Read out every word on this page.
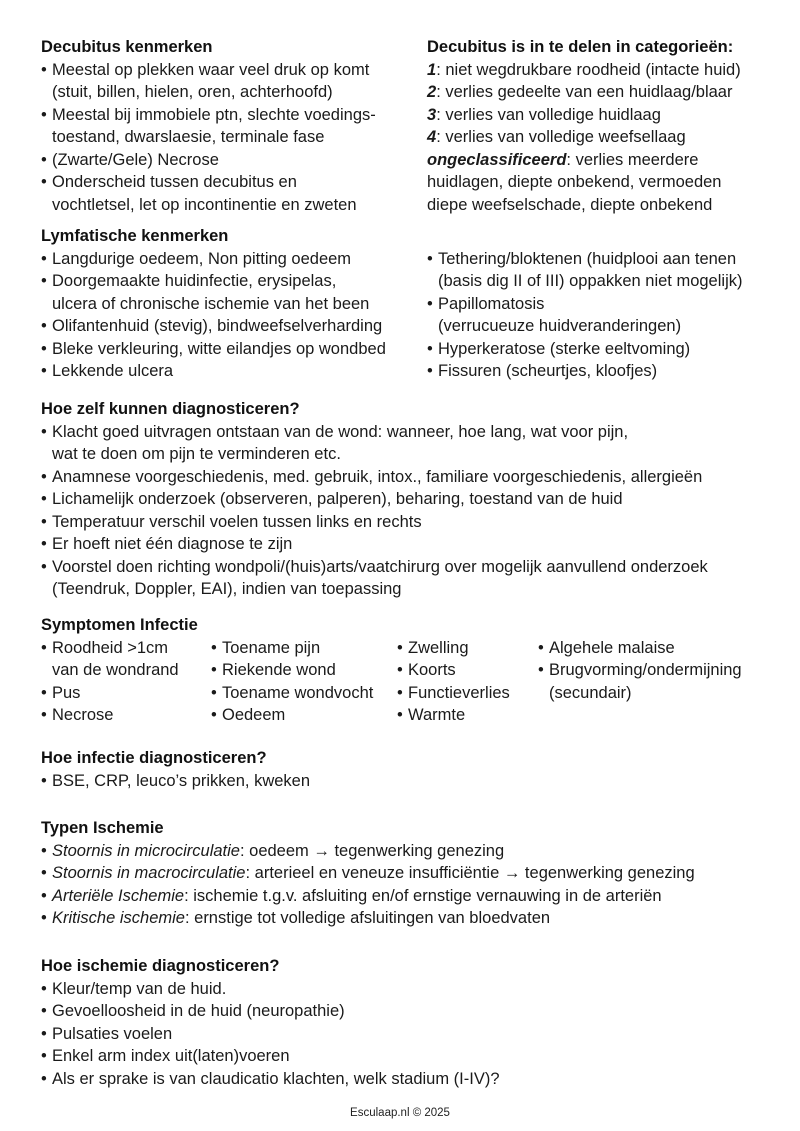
Decubitus kenmerken
• Meestal op plekken waar veel druk op komt
(stuit, billen, hielen, oren, achterhoofd)
• Meestal bij immobiele ptn, slechte voedings-
toestand, dwarslaesie, terminale fase
• (Zwarte/Gele) Necrose
• Onderscheid tussen decubitus en
vochtletsel, let op incontinentie en zweten
Decubitus is in te delen in categorieën:

1: niet wegdrukbare roodheid (intacte huid)

2: verlies gedeelte van een huidlaag/blaar

3: verlies van volledige huidlaag

4: verlies van volledige weefsellaag

ongeclassificeerd: verlies meerdere

huidlagen, diepte onbekend, vermoeden

diepe weefselschade, diepte onbekend

Lymfatische kenmerken
• Langdurige oedeem, Non pitting oedeem
• Doorgemaakte huidinfectie, erysipelas,
ulcera of chronische ischemie van het been
• Olifantenhuid (stevig), bindweefselverharding
• Bleke verkleuring, witte eilandjes op wondbed
• Lekkende ulcera
• Tethering/bloktenen (huidplooi aan tenen
(basis dig II of III) oppakken niet mogelijk)
• Papillomatosis
(verrucueuze huidveranderingen)
• Hyperkeratose (sterke eeltvoming)
• Fissuren (scheurtjes, kloofjes)
Hoe zelf kunnen diagnosticeren?
• Klacht goed uitvragen ontstaan van de wond: wanneer, hoe lang, wat voor pijn,
wat te doen om pijn te verminderen etc.
• Anamnese voorgeschiedenis, med. gebruik, intox., familiare voorgeschiedenis, allergieën
• Lichamelijk onderzoek (observeren, palperen), beharing, toestand van de huid
• Temperatuur verschil voelen tussen links en rechts
• Er hoeft niet één diagnose te zijn
• Voorstel doen richting wondpoli/(huis)arts/vaatchirurg over mogelijk aanvullend onderzoek
(Teendruk, Doppler, EAI), indien van toepassing
Symptomen Infectie
• Roodheid >1cm
van de wondrand
• Pus
• Necrose
• Toename pijn
• Riekende wond
• Toename wondvocht
• Oedeem
• Zwelling
• Koorts
• Functieverlies
• Warmte
• Algehele malaise
• Brugvorming/ondermijning
(secundair)
Hoe infectie diagnosticeren?
• BSE, CRP, leuco’s prikken, kweken
Typen Ischemie
• Stoornis in microcirculatie: oedeem → tegenwerking genezing
• Stoornis in macrocirculatie: arterieel en veneuze insufficiëntie → tegenwerking genezing
• Arteriële Ischemie: ischemie t.g.v. afsluiting en/of ernstige vernauwing in de arteriën
• Kritische ischemie: ernstige tot volledige afsluitingen van bloedvaten
Hoe ischemie diagnosticeren?
• Kleur/temp van de huid.
• Gevoelloosheid in de huid (neuropathie)
• Pulsaties voelen
• Enkel arm index uit(laten)voeren
• Als er sprake is van claudicatio klachten, welk stadium (I-IV)?
Esculaap.nl © 2025
